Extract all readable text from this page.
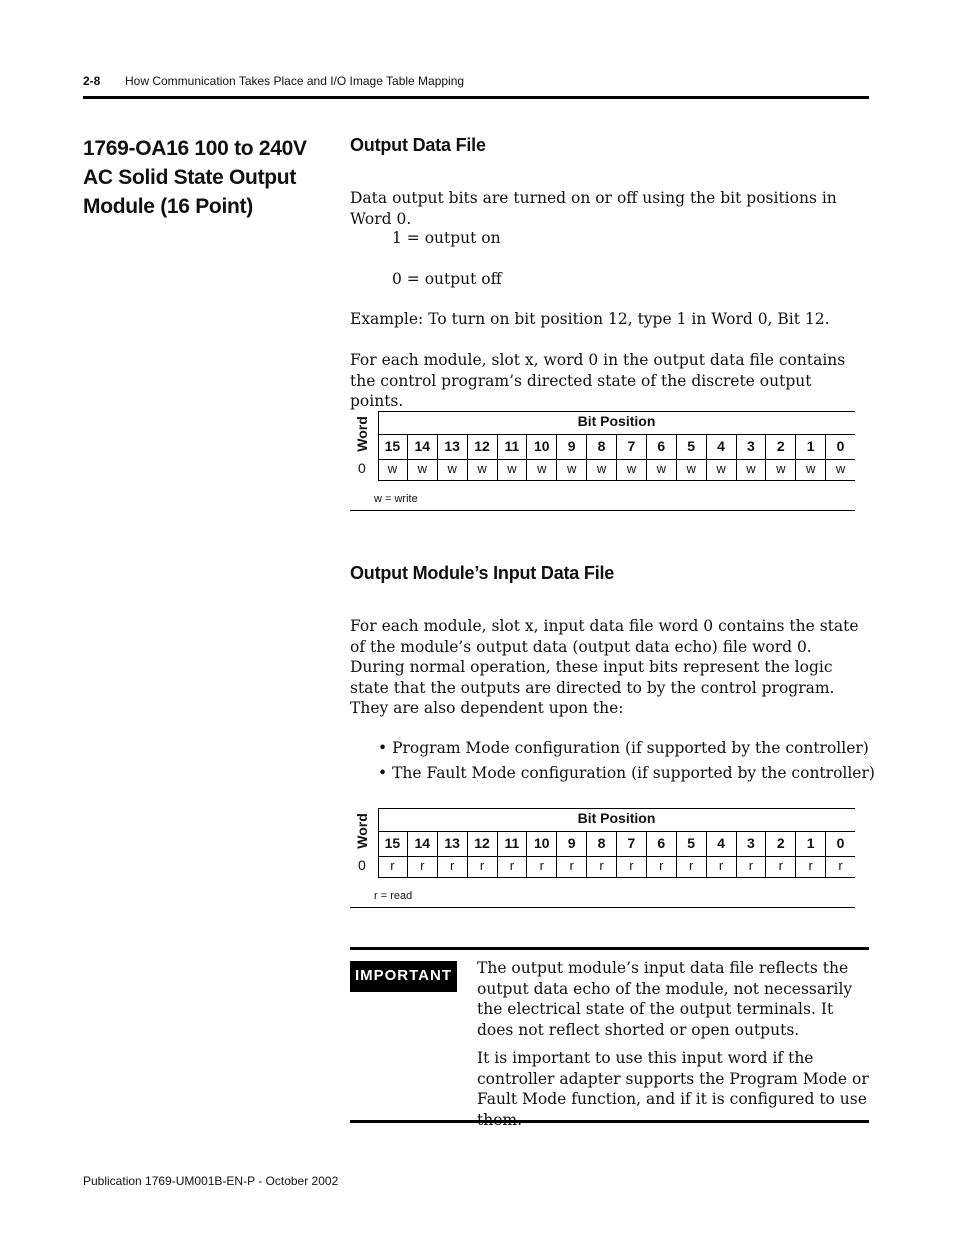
2-8 How Communication Takes Place and I/O Image Table Mapping
1769-OA16 100 to 240V AC Solid State Output Module (16 Point)
Output Data File
Data output bits are turned on or off using the bit positions in Word 0.
1 = output on
0 = output off
Example: To turn on bit position 12, type 1 in Word 0, Bit 12.
For each module, slot x, word 0 in the output data file contains the control program’s directed state of the discrete output points.
Bit Position
Word	15	14	13	12	11	10	9	8	7	6	5	4	3	2	1	0
0	w	w	w	w	w	w	w	w	w	w	w	w	w	w	w	w
w = write
Output Module’s Input Data File
For each module, slot x, input data file word 0 contains the state of the module’s output data (output data echo) file word 0. During normal operation, these input bits represent the logic state that the outputs are directed to by the control program. They are also dependent upon the:
• Program Mode configuration (if supported by the controller)
• The Fault Mode configuration (if supported by the controller)
Bit Position
Word	15	14	13	12	11	10	9	8	7	6	5	4	3	2	1	0
0	r	r	r	r	r	r	r	r	r	r	r	r	r	r	r	r
r = read
IMPORTANT	The output module’s input data file reflects the output data echo of the module, not necessarily the electrical state of the output terminals. It does not reflect shorted or open outputs.
It is important to use this input word if the controller adapter supports the Program Mode or Fault Mode function, and if it is configured to use
Publication 1769-UM001B-EN-P - October 2002
